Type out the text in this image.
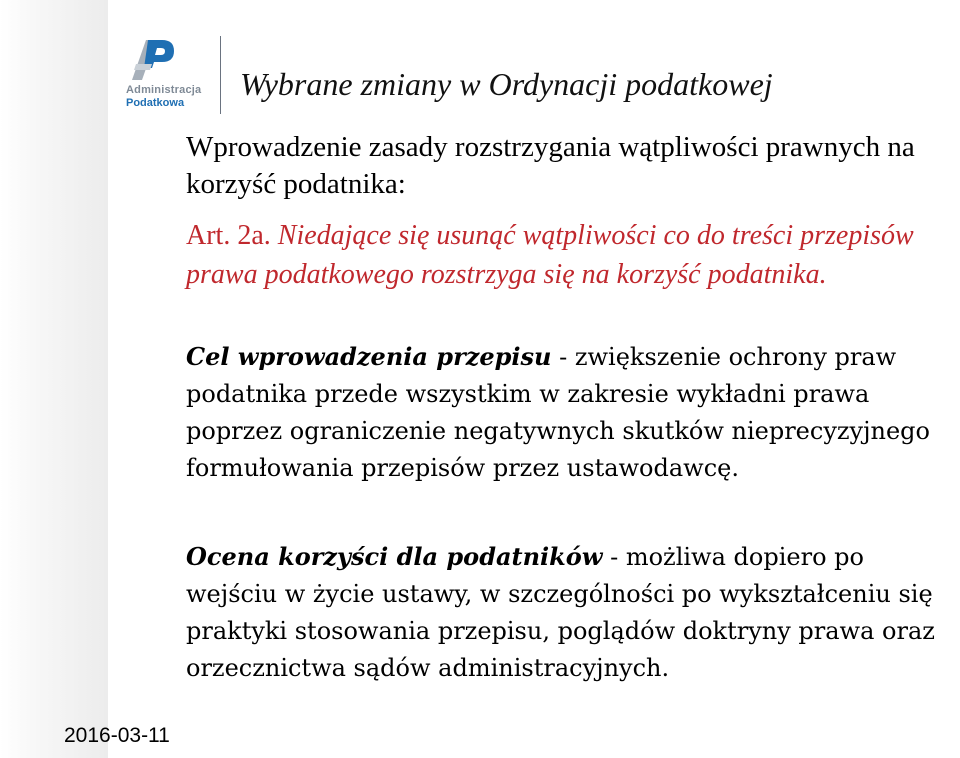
Administracja
Podatkowa
Wybrane zmiany w Ordynacji podatkowej
Wprowadzenie zasady rozstrzygania wątpliwości prawnych na korzyść podatnika:
Art. 2a. Niedające się usunąć wątpliwości co do treści przepisów prawa podatkowego rozstrzyga się na korzyść podatnika.
Cel wprowadzenia przepisu - zwiększenie ochrony praw podatnika przede wszystkim w zakresie wykładni prawa poprzez ograniczenie negatywnych skutków nieprecyzyjnego formułowania przepisów przez ustawodawcę.
Ocena korzyści dla podatników - możliwa dopiero po wejściu w życie ustawy, w szczególności po wykształceniu się praktyki stosowania przepisu, poglądów doktryny prawa oraz orzecznictwa sądów administracyjnych.
2016-03-11
